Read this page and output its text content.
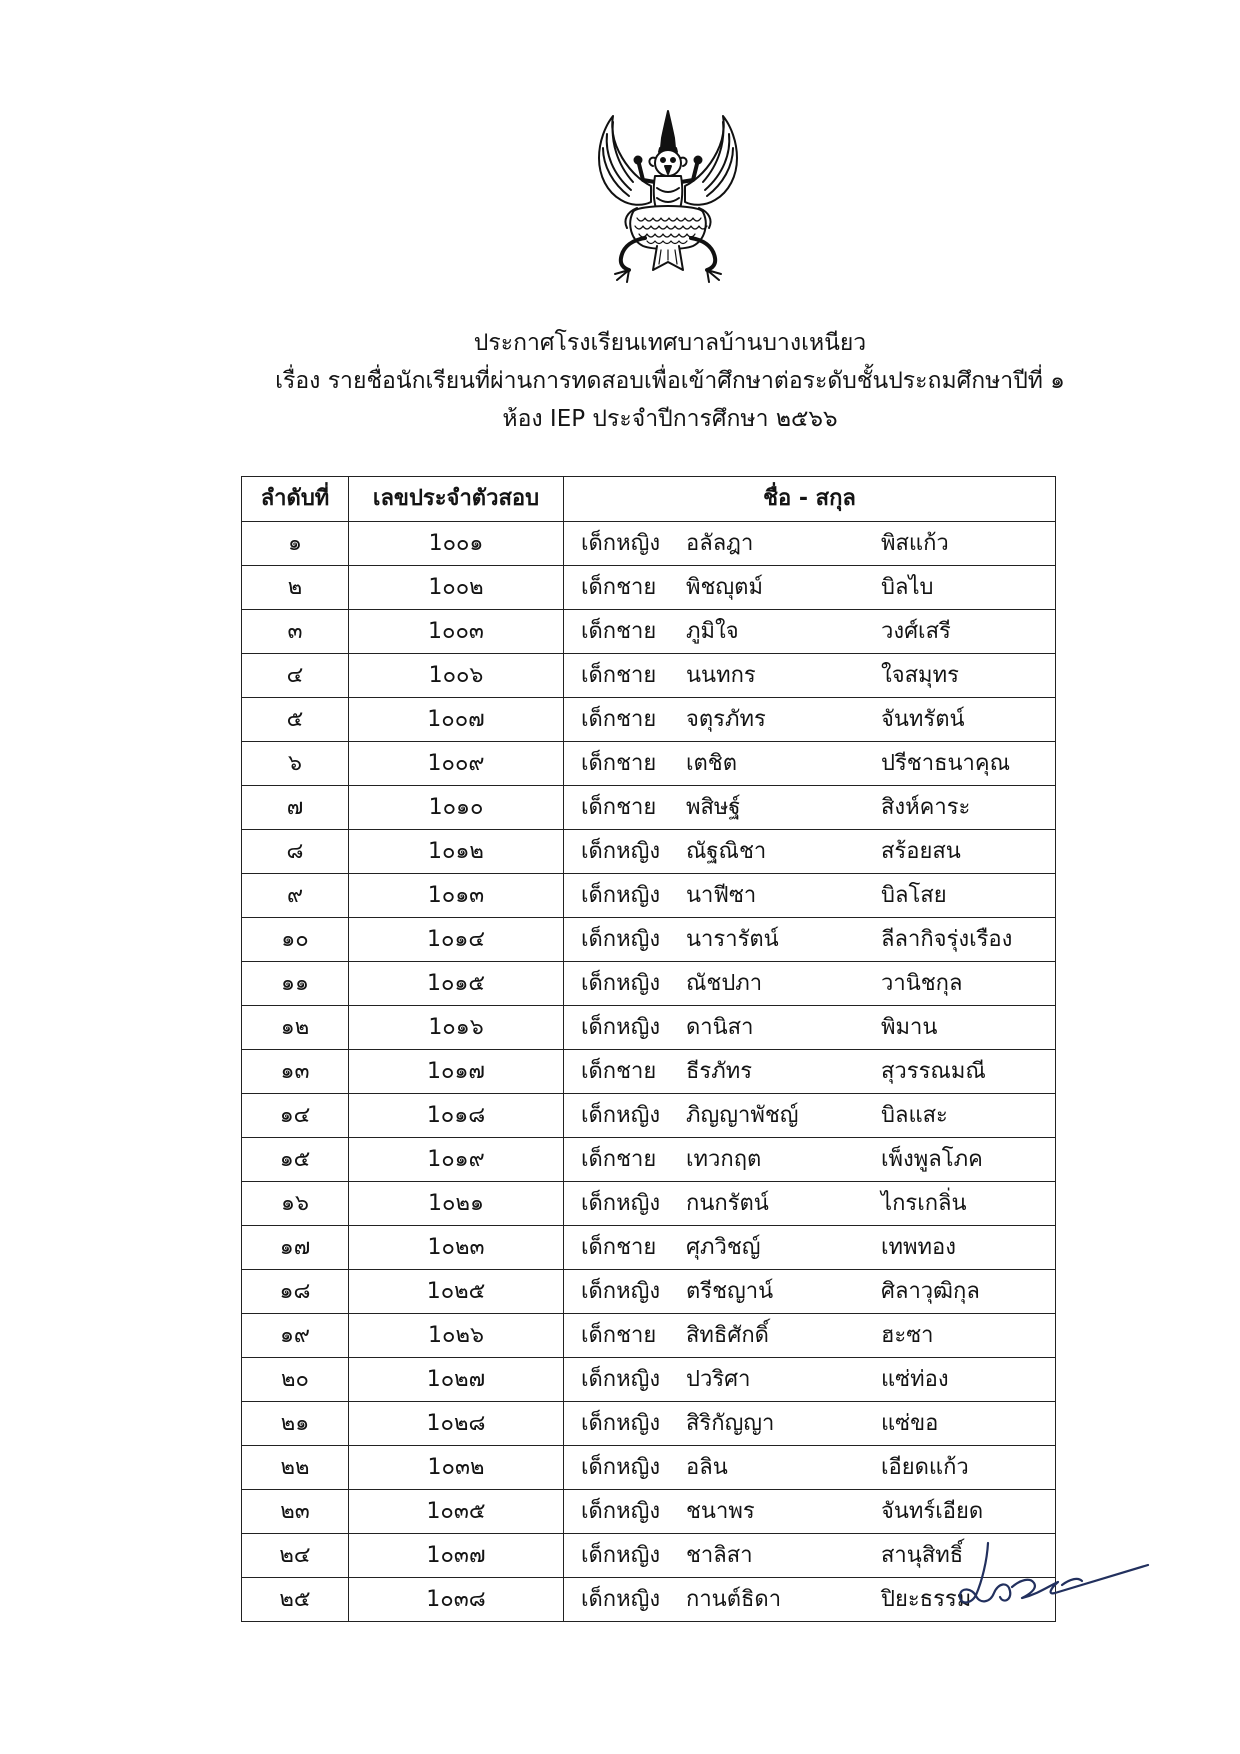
ประกาศโรงเรียนเทศบาลบ้านบางเหนียว
เรื่อง รายชื่อนักเรียนที่ผ่านการทดสอบเพื่อเข้าศึกษาต่อระดับชั้นประถมศึกษาปีที่ ๑
ห้อง IEP ประจำปีการศึกษา ๒๕๖๖
ลำดับที่	เลขประจำตัวสอบ	ชื่อ - สกุล
๑	1๐๐๑	เด็กหญิง อลัลฎา พิสแก้ว

๒	1๐๐๒	เด็กชาย พิชญุตม์ บิลไบ

๓	1๐๐๓	เด็กชาย ภูมิใจ วงศ์เสรี

๔	1๐๐๖	เด็กชาย นนทกร ใจสมุทร

๕	1๐๐๗	เด็กชาย จตุรภัทร จันทรัตน์

๖	1๐๐๙	เด็กชาย เตชิต ปรีชาธนาคุณ

๗	1๐๑๐	เด็กชาย พสิษฐ์ สิงห์คาระ

๘	1๐๑๒	เด็กหญิง ณัฐณิชา สร้อยสน

๙	1๐๑๓	เด็กหญิง นาฟีซา บิลโสย

๑๐	1๐๑๔	เด็กหญิง นารารัตน์ ลีลากิจรุ่งเรือง

๑๑	1๐๑๕	เด็กหญิง ณัชปภา วานิชกุล

๑๒	1๐๑๖	เด็กหญิง ดานิสา พิมาน

๑๓	1๐๑๗	เด็กชาย ธีรภัทร สุวรรณมณี

๑๔	1๐๑๘	เด็กหญิง ภิญญาพัชญ์ บิลแสะ

๑๕	1๐๑๙	เด็กชาย เทวกฤต เพ็งพูลโภค

๑๖	1๐๒๑	เด็กหญิง กนกรัตน์ ไกรเกลิ่น

๑๗	1๐๒๓	เด็กชาย ศุภวิชญ์ เทพทอง

๑๘	1๐๒๕	เด็กหญิง ตรีชญาน์ ศิลาวุฒิกุล

๑๙	1๐๒๖	เด็กชาย สิทธิศักดิ์ ฮะซา

๒๐	1๐๒๗	เด็กหญิง ปวริศา แซ่ท่อง

๒๑	1๐๒๘	เด็กหญิง สิริกัญญา แซ่ขอ

๒๒	1๐๓๒	เด็กหญิง อลิน เอียดแก้ว

๒๓	1๐๓๕	เด็กหญิง ชนาพร จันทร์เอียด

๒๔	1๐๓๗	เด็กหญิง ชาลิสา สานุสิทธิ์

๒๕	1๐๓๘	เด็กหญิง กานต์ธิดา ปิยะธรรม
